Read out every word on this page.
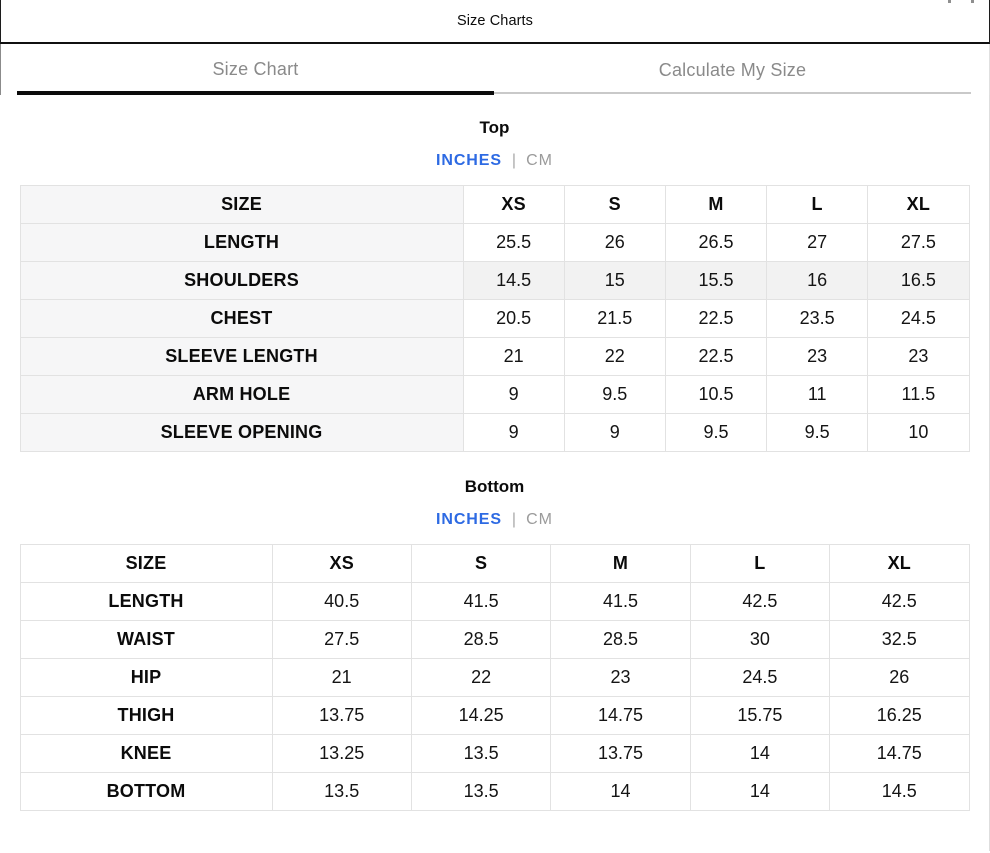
Size Charts
Size Chart	Calculate My Size
Top
INCHES | CM
SIZE	XS	S	M	L	XL
LENGTH	25.5	26	26.5	27	27.5
SHOULDERS	14.5	15	15.5	16	16.5
CHEST	20.5	21.5	22.5	23.5	24.5
SLEEVE LENGTH	21	22	22.5	23	23
ARM HOLE	9	9.5	10.5	11	11.5
SLEEVE OPENING	9	9	9.5	9.5	10
Bottom
INCHES | CM
SIZE	XS	S	M	L	XL
LENGTH	40.5	41.5	41.5	42.5	42.5
WAIST	27.5	28.5	28.5	30	32.5
HIP	21	22	23	24.5	26
THIGH	13.75	14.25	14.75	15.75	16.25
KNEE	13.25	13.5	13.75	14	14.75
BOTTOM	13.5	13.5	14	14	14.5
